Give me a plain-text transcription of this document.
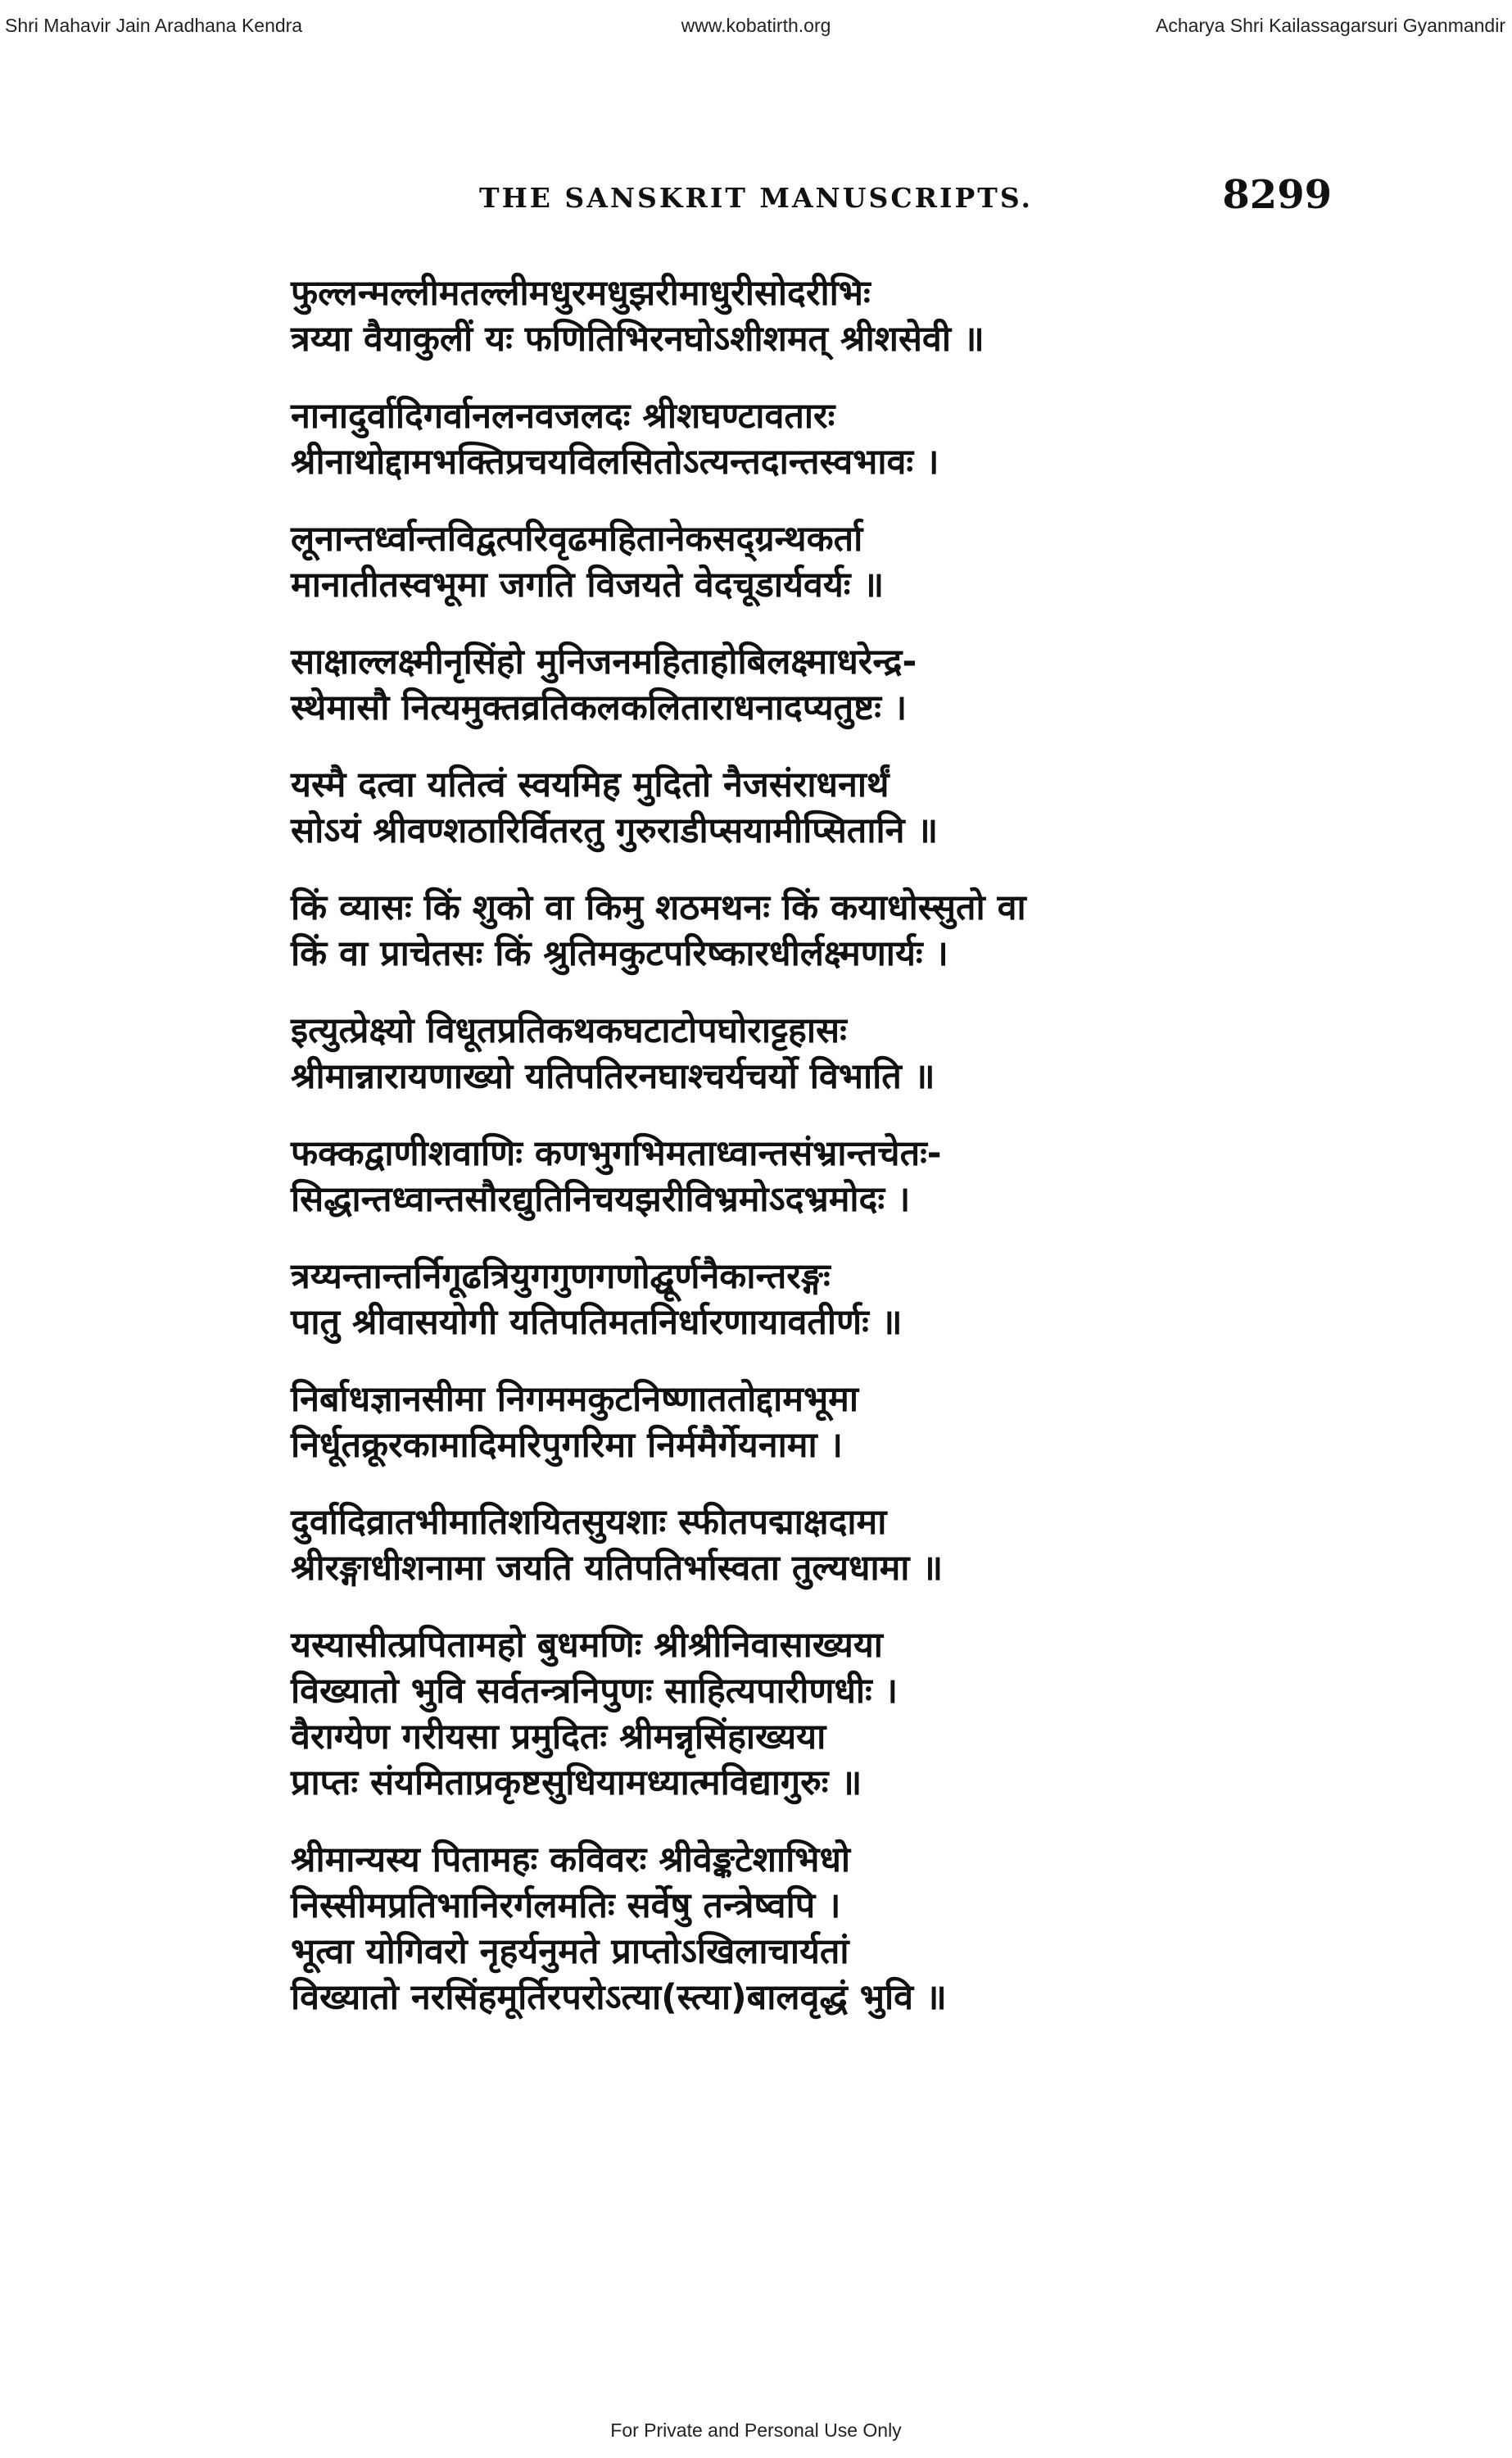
www.kobatirth.org
Shri Mahavir Jain Aradhana Kendra	Acharya Shri Kailassagarsuri Gyanmandir
THE SANSKRIT MANUSCRIPTS.	8299
फुल्लन्मल्लीमतल्लीमधुरमधुझरीमाधुरीसोदरीभिः
त्रय्या वैयाकुलीं यः फणितिभिरनघोऽशीशमत् श्रीशसेवी ॥
नानादुर्वादिगर्वानलनवजलदः श्रीशघण्टावतारः
श्रीनाथोद्दामभक्तिप्रचयविलसितोऽत्यन्तदान्तस्वभावः ।
लूनान्तर्ध्वान्तविद्वत्परिवृढमहितानेकसद्ग्रन्थकर्ता
मानातीतस्वभूमा जगति विजयते वेदचूडार्यवर्यः ॥
साक्षाल्लक्ष्मीनृसिंहो मुनिजनमहिताहोबिलक्ष्माधरेन्द्र-
स्थेमासौ नित्यमुक्तव्रतिकलकलिताराधनादप्यतुष्टः ।
यस्मै दत्वा यतित्वं स्वयमिह मुदितो नैजसंराधनार्थं
सोऽयं श्रीवण्शठारिर्वितरतु गुरुराडीप्सयामीप्सितानि ॥
किं व्यासः किं शुको वा किमु शठमथनः किं कयाधोस्सुतो वा
किं वा प्राचेतसः किं श्रुतिमकुटपरिष्कारधीर्लक्ष्मणार्यः ।
इत्युत्प्रेक्ष्यो विधूतप्रतिकथकघटाटोपघोराट्टहासः
श्रीमान्नारायणाख्यो यतिपतिरनघाश्चर्यचर्यो विभाति ॥
फक्कद्वाणीशवाणिः कणभुगभिमताध्वान्तसंभ्रान्तचेतः-
सिद्धान्तध्वान्तसौरद्युतिनिचयझरीविभ्रमोऽदभ्रमोदः ।
त्रय्यन्तान्तर्निगूढत्रियुगगुणगणोद्घूर्णनैकान्तरङ्गः
पातु श्रीवासयोगी यतिपतिमतनिर्धारणायावतीर्णः ॥
निर्बाधज्ञानसीमा निगममकुटनिष्णाततोद्दामभूमा
निर्धूतक्रूरकामादिमरिपुगरिमा निर्ममैर्गेयनामा ।
दुर्वादिव्रातभीमातिशयितसुयशाः स्फीतपद्माक्षदामा
श्रीरङ्गाधीशनामा जयति यतिपतिर्भास्वता तुल्यधामा ॥
यस्यासीत्प्रपितामहो बुधमणिः श्रीश्रीनिवासाख्यया
विख्यातो भुवि सर्वतन्त्रनिपुणः साहित्यपारीणधीः ।
वैराग्येण गरीयसा प्रमुदितः श्रीमन्नृसिंहाख्यया
प्राप्तः संयमिताप्रकृष्टसुधियामध्यात्मविद्यागुरुः ॥
श्रीमान्यस्य पितामहः कविवरः श्रीवेङ्कटेशाभिधो
निस्सीमप्रतिभानिरर्गलमतिः सर्वेषु तन्त्रेष्वपि ।
भूत्वा योगिवरो नृहर्यनुमते प्राप्तोऽखिलाचार्यतां
विख्यातो नरसिंहमूर्तिरपरोऽत्या(स्त्या)बालवृद्धं भुवि ॥
For Private and Personal Use Only
